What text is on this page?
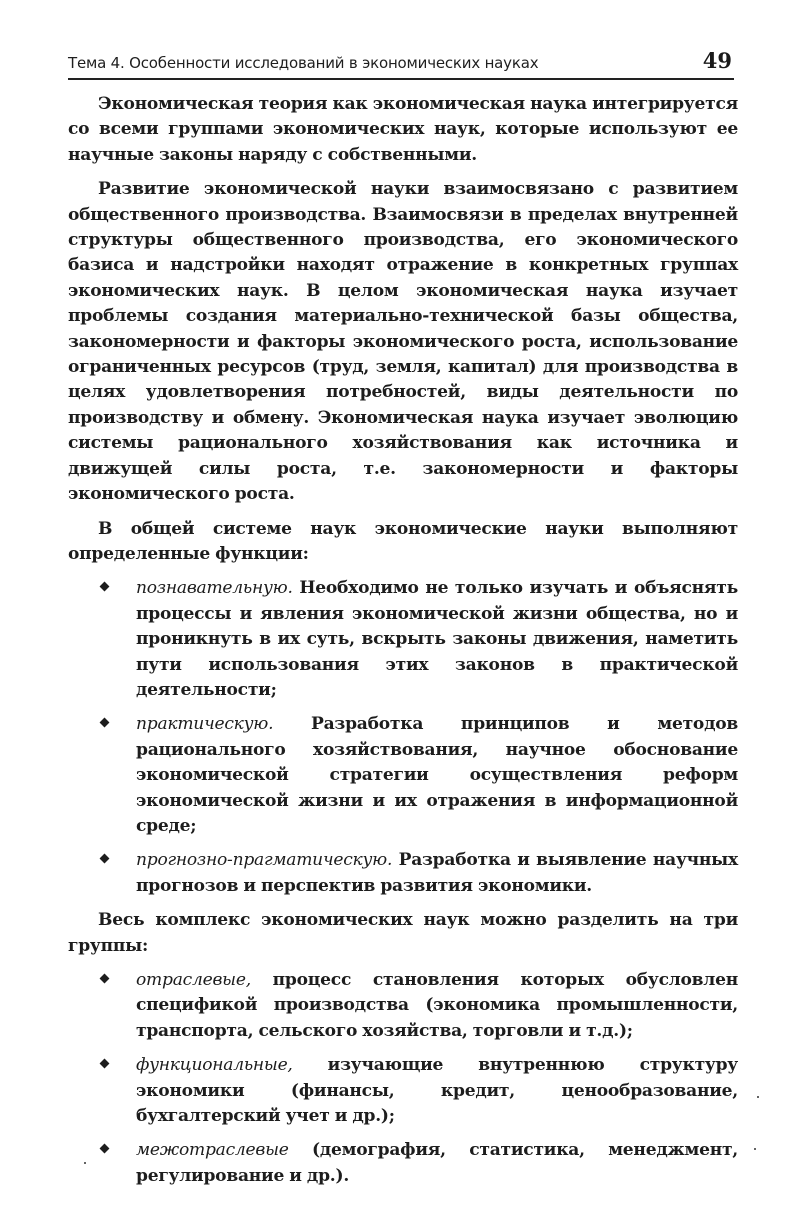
Тема 4. Особенности исследований в экономических науках	49

Экономическая теория как экономическая наука интегрируется со всеми группами экономических наук, которые используют ее научные законы наряду с собственными.

Развитие экономической науки взаимосвязано с развитием общественного производства. Взаимосвязи в пределах внутренней структуры общественного производства, его экономического базиса и надстройки находят отражение в конкретных группах экономических наук. В целом экономическая наука изучает проблемы создания материально-технической базы общества, закономерности и факторы экономического роста, использование ограниченных ресурсов (труд, земля, капитал) для производства в целях удовлетворения потребностей, виды деятельности по производству и обмену. Экономическая наука изучает эволюцию системы рационального хозяйствования как источника и движущей силы роста, т.е. закономерности и факторы экономического роста.

В общей системе наук экономические науки выполняют определенные функции:

познавательную. Необходимо не только изучать и объяснять процессы и явления экономической жизни общества, но и проникнуть в их суть, вскрыть законы движения, наметить пути использования этих законов в практической деятельности;
практическую. Разработка принципов и методов рационального хозяйствования, научное обоснование экономической стратегии осуществления реформ экономической жизни и их отражения в информационной среде;
прогнозно-прагматическую. Разработка и выявление научных прогнозов и перспектив развития экономики.

Весь комплекс экономических наук можно разделить на три группы:

отраслевые, процесс становления которых обусловлен спецификой производства (экономика промышленности, транспорта, сельского хозяйства, торговли и т.д.);
функциональные, изучающие внутреннюю структуру экономики (финансы, кредит, ценообразование, бухгалтерский учет и др.);
межотраслевые (демография, статистика, менеджмент, регулирование и др.).
